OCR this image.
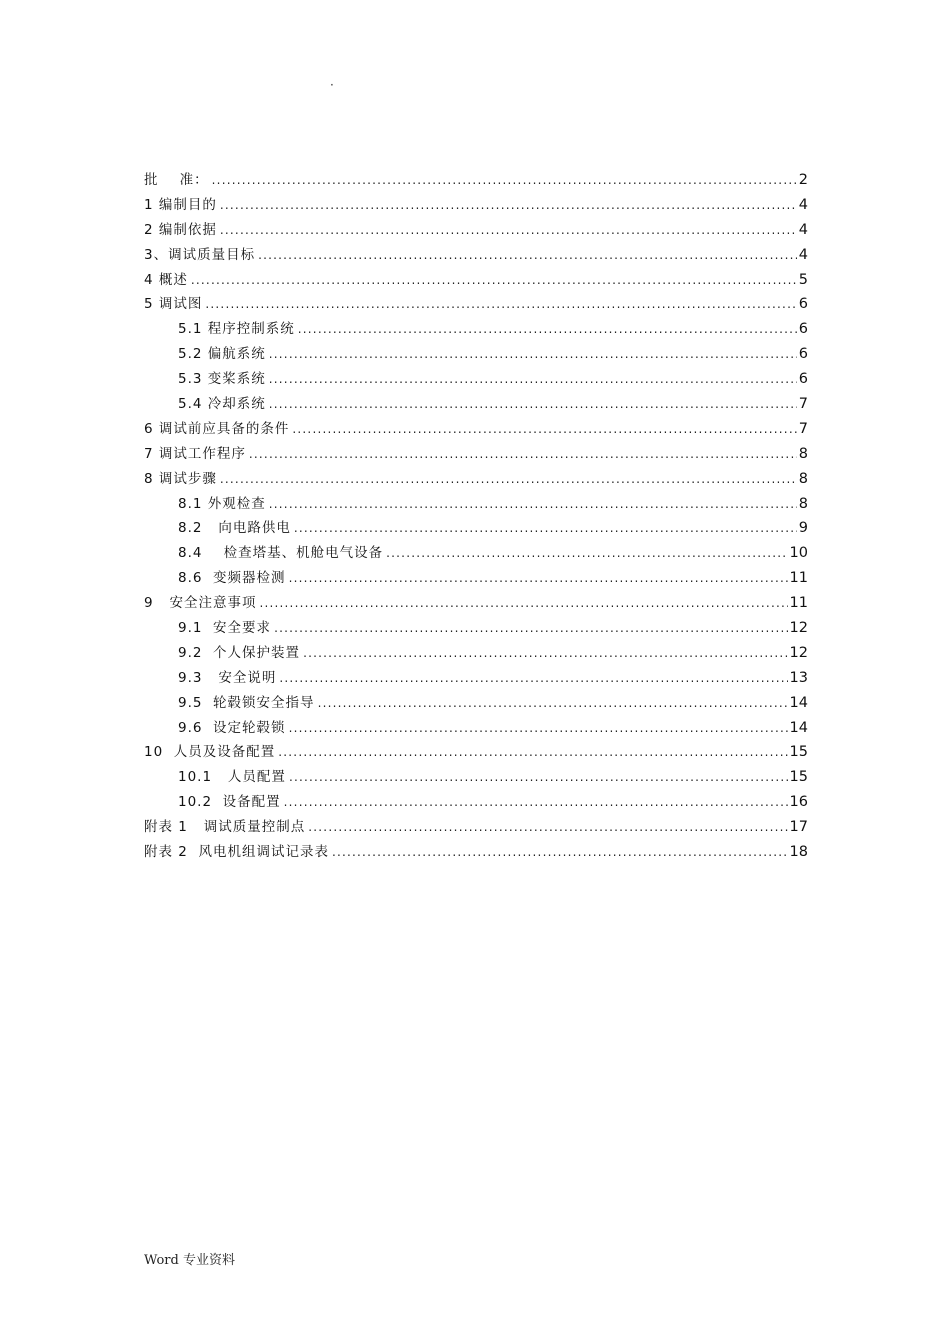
·
批    准： .....	2
1 编制目的 .....	4
2 编制依据 .....	4
3、调试质量目标 .....	4
4 概述 .....	5
5 调试图 .....	6
5.1 程序控制系统 .....	6
5.2 偏航系统 .....	6
5.3 变桨系统 .....	6
5.4 冷却系统 .....	7
6 调试前应具备的条件 .....	7
7 调试工作程序 .....	8
8 调试步骤 .....	8
8.1 外观检查 .....	8
8.2   向电路供电 .....	9
8.4    检查塔基、机舱电气设备 .....	10
8.6  变频器检测 .....	11
9   安全注意事项 .....	11
9.1  安全要求 .....	12
9.2  个人保护装置 .....	12
9.3   安全说明 .....	13
9.5  轮毂锁安全指导 .....	14
9.6  设定轮毂锁 .....	14
10  人员及设备配置 .....	15
10.1   人员配置 .....	15
10.2  设备配置 .....	16
附表 1   调试质量控制点 .....	17
附表 2  风电机组调试记录表 .....	18
Word 专业资料
